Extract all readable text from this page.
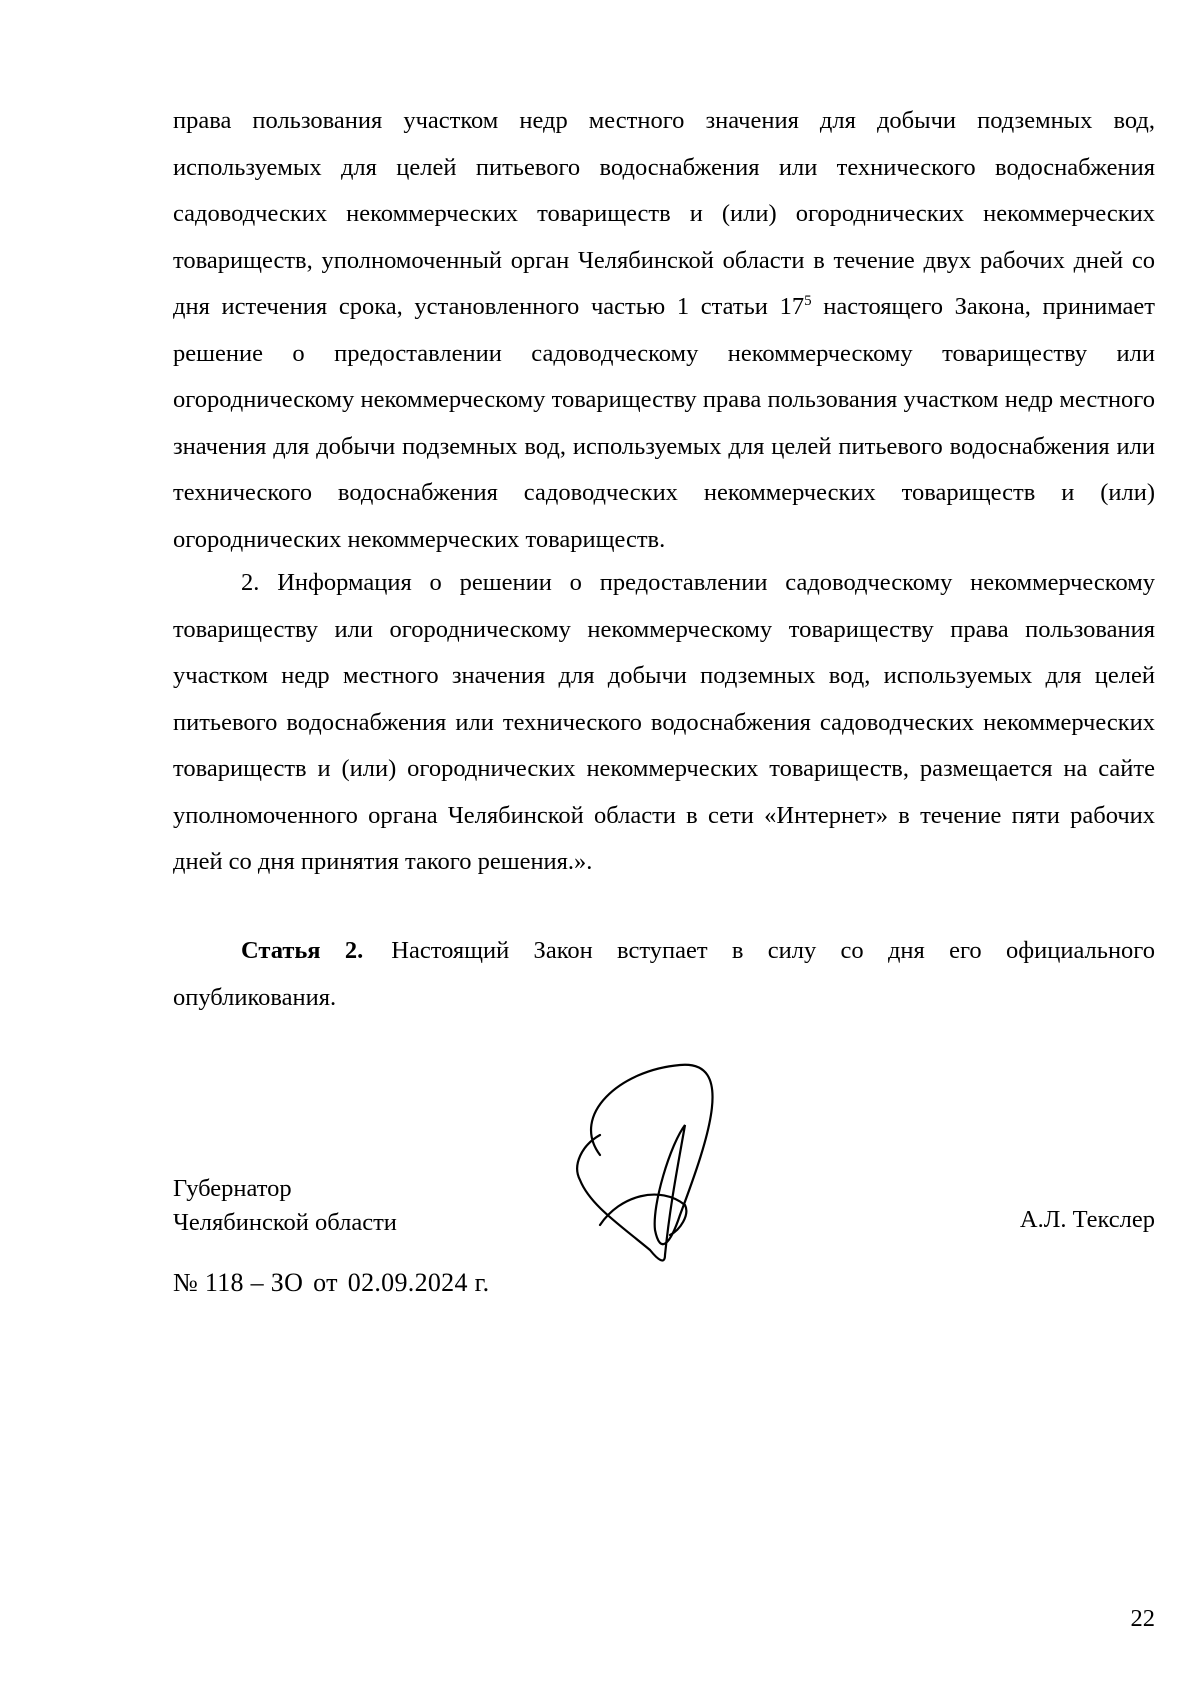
права пользования участком недр местного значения для добычи подземных вод, используемых для целей питьевого водоснабжения или технического водоснабжения садоводческих некоммерческих товариществ и (или) огороднических некоммерческих товариществ, уполномоченный орган Челябинской области в течение двух рабочих дней со дня истечения срока, установленного частью 1 статьи $17^5$ настоящего Закона, принимает решение о предоставлении садоводческому некоммерческому товариществу или огородническому некоммерческому товариществу права пользования участком недр местного значения для добычи подземных вод, используемых для целей питьевого водоснабжения или технического водоснабжения садоводческих некоммерческих товариществ и (или) огороднических некоммерческих товариществ.

2. Информация о решении о предоставлении садоводческому некоммерческому товариществу или огородническому некоммерческому товариществу права пользования участком недр местного значения для добычи подземных вод, используемых для целей питьевого водоснабжения или технического водоснабжения садоводческих некоммерческих товариществ и (или) огороднических некоммерческих товариществ, размещается на сайте уполномоченного органа Челябинской области в сети «Интернет» в течение пяти рабочих дней со дня принятия такого решения.».

Статья 2. Настоящий Закон вступает в силу со дня его официального опубликования.

Губернатор
Челябинской области	А.Л. Текслер
№ 118 – ЗО от 02.09.2024 г.
22
